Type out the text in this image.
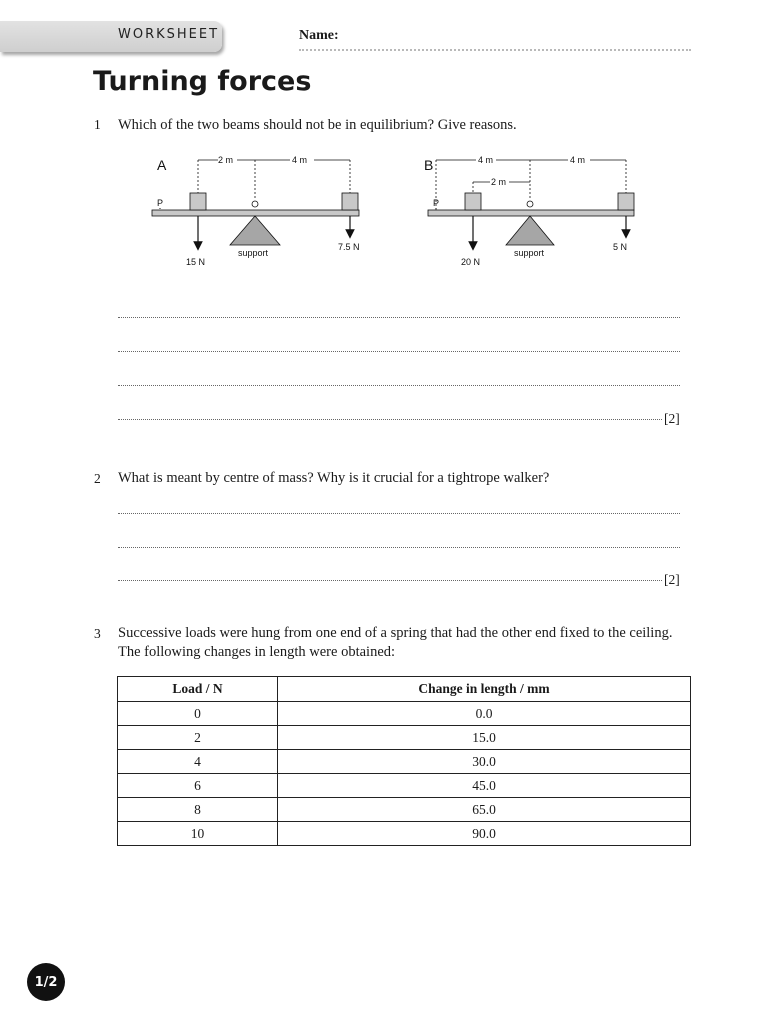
WORKSHEET	Name:
Turning forces
1 Which of the two beams should not be in equilibrium? Give reasons.
A
P
2 m	4 m
support
15 N
7.5 N
B
P
4 m	4 m
2 m
support
20 N
5 N
[2]
2 What is meant by centre of mass? Why is it crucial for a tightrope walker?
[2]
3 Successive loads were hung from one end of a spring that had the other end fixed to the ceiling.
The following changes in length were obtained:
Load / N	Change in length / mm
0	0.0
2	15.0
4	30.0
6	45.0
8	65.0
10	90.0
1/2
